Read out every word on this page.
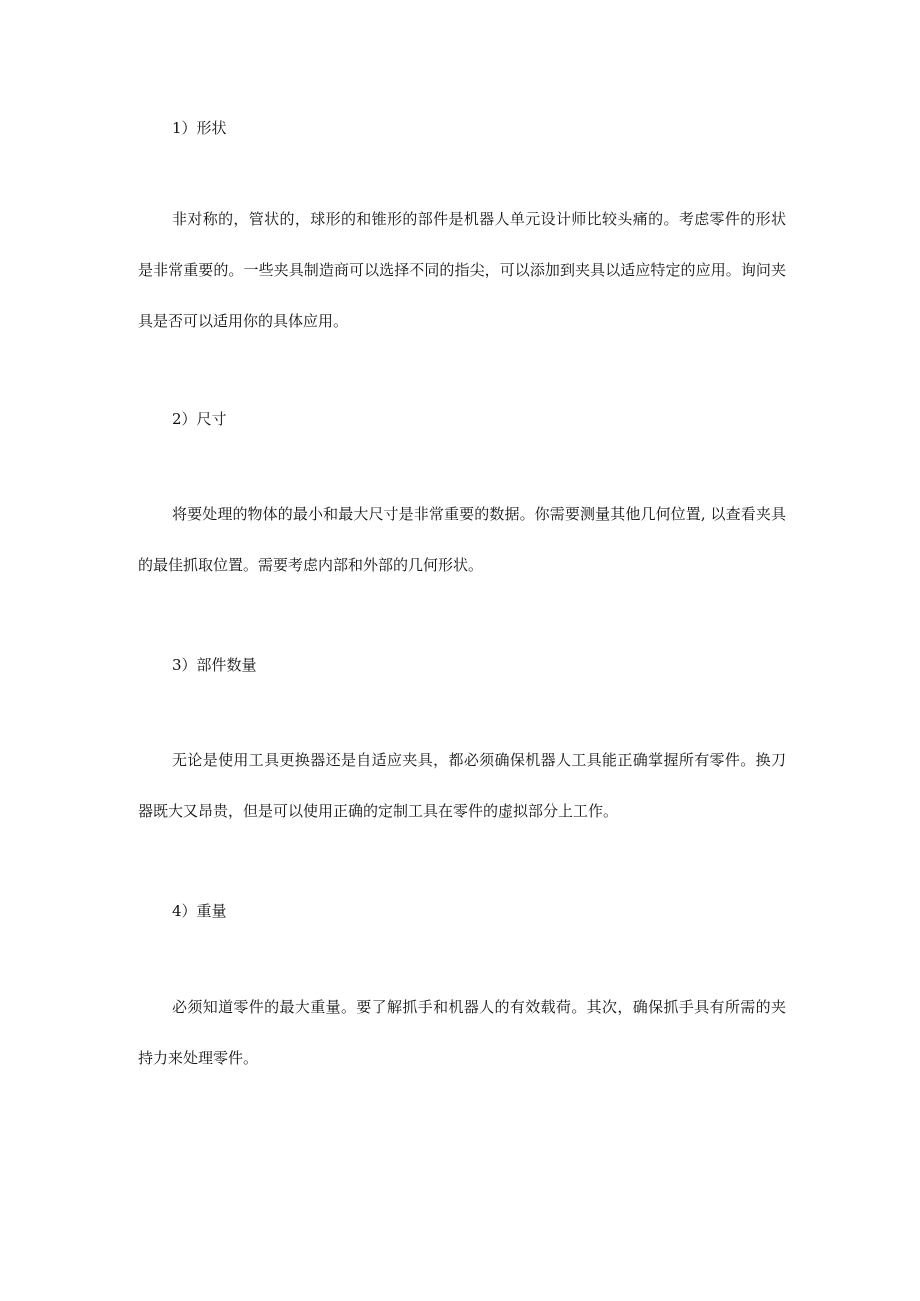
1）形状

非对称的，管状的，球形的和锥形的部件是机器人单元设计师比较头痛的。考虑零件的形状是非常重要的。一些夹具制造商可以选择不同的指尖，可以添加到夹具以适应特定的应用。询问夹具是否可以适用你的具体应用。

2）尺寸

将要处理的物体的最小和最大尺寸是非常重要的数据。你需要测量其他几何位置, 以查看夹具的最佳抓取位置。需要考虑内部和外部的几何形状。

3）部件数量

无论是使用工具更换器还是自适应夹具，都必须确保机器人工具能正确掌握所有零件。换刀器既大又昂贵，但是可以使用正确的定制工具在零件的虚拟部分上工作。

4）重量

必须知道零件的最大重量。要了解抓手和机器人的有效载荷。其次，确保抓手具有所需的夹持力来处理零件。
